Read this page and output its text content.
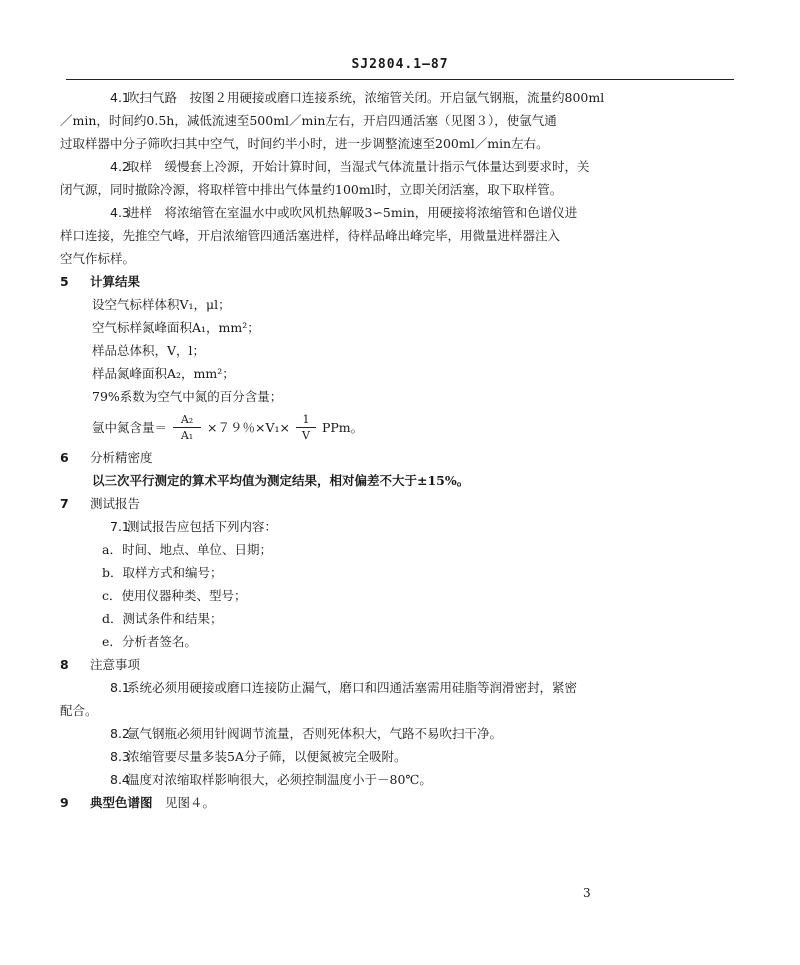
SJ2804.1—87
4.1吹扫气路　按图２用硬接或磨口连接系统，浓缩管关闭。开启氩气钢瓶，流量约800ml
／min，时间约0.5h，减低流速至500ml／min左右，开启四通活塞（见图３），使氩气通
过取样器中分子筛吹扫其中空气，时间约半小时，进一步调整流速至200ml／min左右。
4.2取样　缓慢套上冷源，开始计算时间，当湿式气体流量计指示气体量达到要求时，关
闭气源，同时撤除冷源，将取样管中排出气体量约100ml时，立即关闭活塞，取下取样管。
4.3进样　将浓缩管在室温水中或吹风机热解吸3∽5min，用硬接将浓缩管和色谱仪进
样口连接，先推空气峰，开启浓缩管四通活塞进样，待样品峰出峰完毕，用微量进样器注入
空气作标样。
5 计算结果
设空气标样体积V₁，μl；
空气标样氮峰面积A₁，mm²；
样品总体积，V，l；
样品氮峰面积A₂，mm²；
79%系数为空气中氮的百分含量；
氩中氮含量＝ $\frac{\text{A₂}}{\text{A₁}} \times 79$％$\times V_1\times \frac{1}{V}$ PPm。
6 分析精密度
以三次平行测定的算术平均值为测定结果，相对偏差不大于±15%。
7 测试报告
7.1测试报告应包括下列内容：
a．时间、地点、单位、日期；
b．取样方式和编号；
c．使用仪器种类、型号；
d．测试条件和结果；
e．分析者签名。
8 注意事项
8.1系统必须用硬接或磨口连接防止漏气，磨口和四通活塞需用硅脂等润滑密封，紧密
配合。
8.2氩气钢瓶必须用针阀调节流量，否则死体积大，气路不易吹扫干净。
8.3浓缩管要尽量多装5A分子筛，以便氮被完全吸附。
8.4温度对浓缩取样影响很大，必须控制温度小于－80℃。
9 典型色谱图　 见图４。
3
